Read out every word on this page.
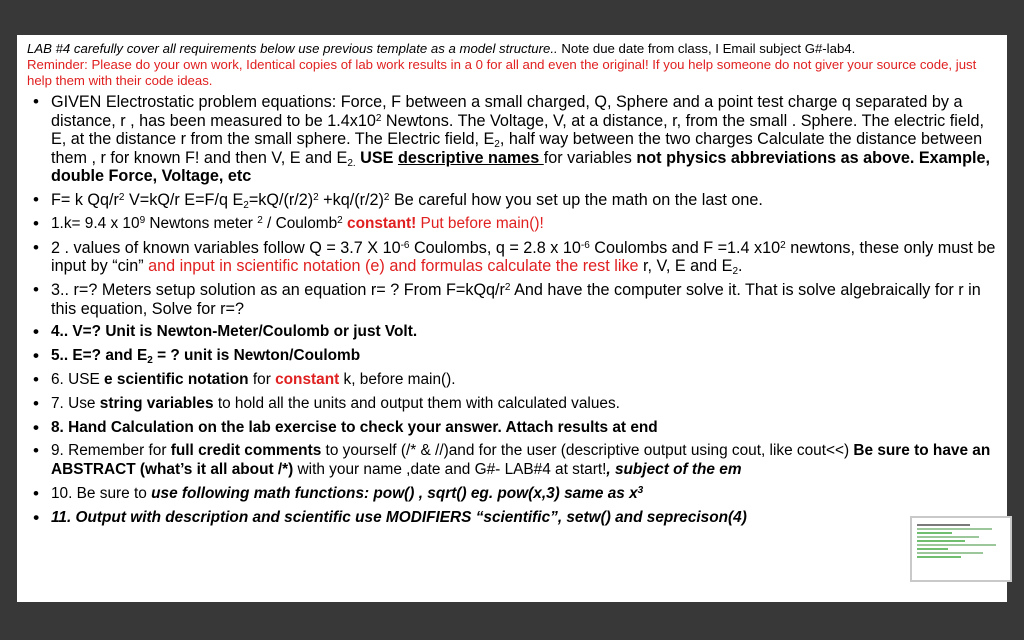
LAB #4 carefully cover all requirements below use previous template as a model structure.. Note due date from class, I Email subject G#-lab4.
Reminder: Please do your own work, Identical copies of lab work results in a 0 for all and even the original! If you help someone do not giver your source code, just help them with their code ideas.
• GIVEN Electrostatic problem equations: Force, F between a small charged, Q, Sphere and a point test charge q separated by a distance, r , has been measured to be $1.4x10^2$ Newtons. The Voltage, V, at a distance, r, from the small . Sphere. The electric field, E, at the distance r from the small sphere. The Electric field, $E_2$, half way between the two charges Calculate the distance between them , r for known F! and then V, E and $E_{2.}$ USE descriptive names for variables not physics abbreviations as above. Example, double Force, Voltage, etc
• F= k $Qq/r^2$ V=kQ/r E=F/q $E_2=kQ/(r/2)^2 +kq/(r/2)^2$ Be careful how you set up the math on the last one.
• 1.k= 9.4 x $10^9$ Newtons meter $^2$ / Coulomb$^2$ constant! Put before main()!
• 2 . values of known variables follow Q = 3.7 X $10^{-6}$ Coulombs, q = 2.8 x $10^{-6}$ Coulombs and F =1.4 $x10^2$ newtons, these only must be input by “cin” and input in scientific notation (e) and formulas calculate the rest like r, V, E and $E_2$.
• 3.. r=? Meters setup solution as an equation r= ? From $F=kQq/r^2$ And have the computer solve it. That is solve algebraically for r in this equation, Solve for r=?
• 4.. V=? Unit is Newton-Meter/Coulomb or just Volt.
• 5.. E=? and $E_2$ = ? unit is Newton/Coulomb
• 6. USE e scientific notation for constant k, before main().
• 7. Use string variables to hold all the units and output them with calculated values.
• 8. Hand Calculation on the lab exercise to check your answer. Attach results at end
• 9. Remember for full credit comments to yourself (/* & //)and for the user (descriptive output using cout, like cout<<) Be sure to have an ABSTRACT (what’s it all about /*) with your name ,date and G#- LAB#4 at start!, subject of the em
• 10. Be sure to use following math functions: pow() , sqrt() eg. pow(x,3) same as $x^3$
• 11. Output with description and scientific use MODIFIERS “scientific”, setw() and seprecison(4)
